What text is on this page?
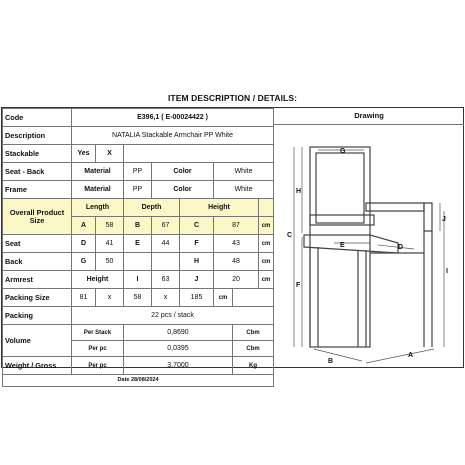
ITEM DESCRIPTION / DETAILS:
Code	E396,1 ( E-00024422 )							
Description	NATALIA Stackable Armchair PP White							
Stackable	Yes	X						
Seat - Back	Material		PP	Color		White		
Frame	Material		PP	Color		White		
Overall Product Size	Length		Depth		Height			
	A	58	B	67	C	87		cm
Seat	D	41	E	44	F	43		cm
Back	G	50			H	48		cm
Armrest	Height		I	63	J	20		cm
Packing Size	81	x	58	x	185	cm		
Packing	22 pcs / stack							
Volume	Per Stack		0,8690				Cbm	
	Per pc		0,0395				Cbm	
Weight / Gross	Per pc		3,7000				Kg	
Date 28/08/2024								
Drawing
G
H
C
F
E	D
J
I
B
A
